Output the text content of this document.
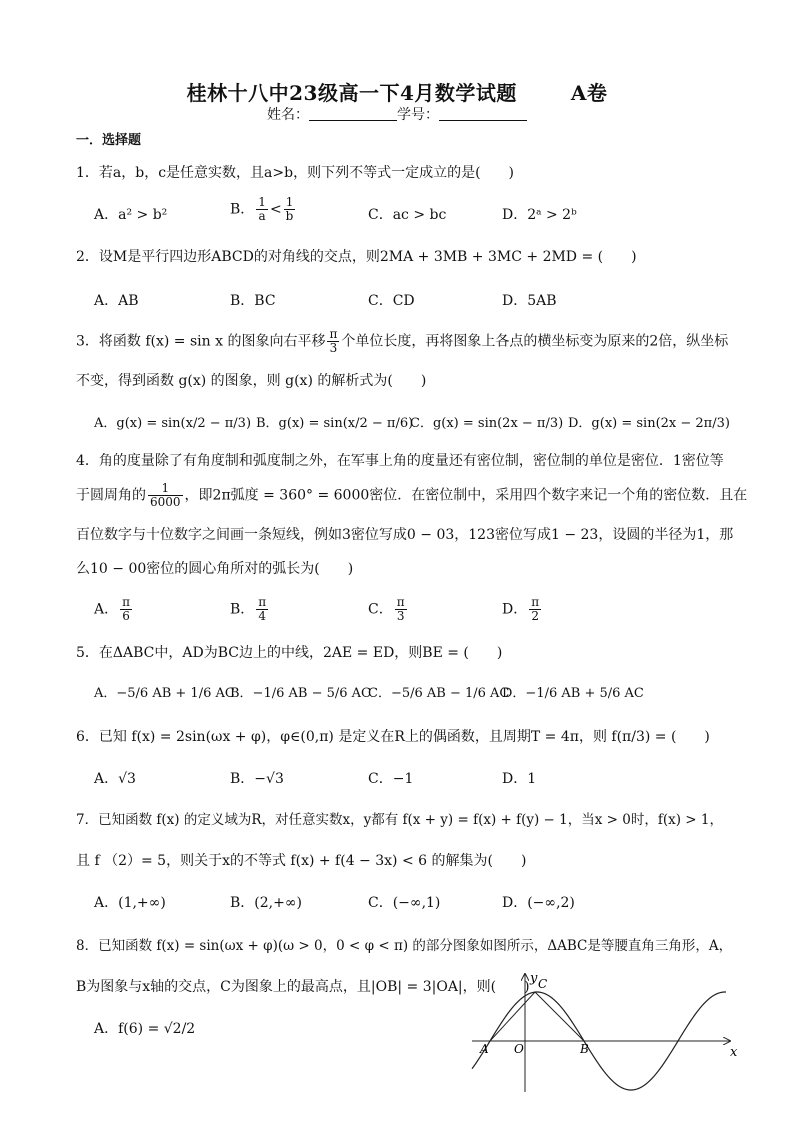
桂林十八中23级高一下4月数学试题	A卷
姓名：	学号：
一．选择题
1．若a，b，c是任意实数，且a>b，则下列不等式一定成立的是(　　)
A．a² > b²	B． $\frac{1}{a} < \frac{1}{b}$	C．ac > bc	D．2ᵃ > 2ᵇ
2．设M是平行四边形ABCD的对角线的交点，则2MA + 3MB + 3MC + 2MD = (　　)
A．AB	B．BC	C．CD	D．5AB
3．将函数 f(x) = sin x 的图象向右平移 $\frac{\pi}{3}$ 个单位长度，再将图象上各点的横坐标变为原来的2倍，纵坐标
不变，得到函数 g(x) 的图象，则 g(x) 的解析式为(　　)
A．g(x) = sin(x/2 − π/3) B．g(x) = sin(x/2 − π/6)
C．g(x) = sin(2x − π/3) D．g(x) = sin(2x − 2π/3)
4．角的度量除了有角度制和弧度制之外，在军事上角的度量还有密位制，密位制的单位是密位．1密位等
于圆周角的 $\frac{1}{6000}$ ，即2π弧度 = 360° = 6000密位．在密位制中，采用四个数字来记一个角的密位数．且在
百位数字与十位数字之间画一条短线，例如3密位写成0 − 03，123密位写成1 − 23，设圆的半径为1，那
么10 − 00密位的圆心角所对的弧长为(　　)
A． $\frac{\pi}{6}$	B． $\frac{\pi}{4}$	C． $\frac{\pi}{3}$	D． $\frac{\pi}{2}$
5．在ΔABC中，AD为BC边上的中线，2AE = ED，则BE = (　　)
A．−5/6 AB + 1/6 AC
B．−1/6 AB − 5/6 AC
C．−5/6 AB − 1/6 AC
D．−1/6 AB + 5/6 AC
6．已知 f(x) = 2sin(ωx + φ)，φ∈(0,π) 是定义在R上的偶函数，且周期T = 4π，则 f(π/3) = (　　)
A．√3	B．−√3	C．−1	D．1
7．已知函数 f(x) 的定义域为R，对任意实数x，y都有 f(x + y) = f(x) + f(y) − 1，当x > 0时，f(x) > 1，
且 f （2）= 5，则关于x的不等式 f(x) + f(4 − 3x) < 6 的解集为(　　)
A．(1,+∞)	B．(2,+∞)	C．(−∞,1)	D．(−∞,2)
8．已知函数 f(x) = sin(ωx + φ)(ω > 0，0 < φ < π) 的部分图象如图所示，ΔABC是等腰直角三角形，A，
B为图象与x轴的交点，C为图象上的最高点，且|OB| = 3|OA|，则(　　)
A．f(6) = √2/2
x
y
O
A	B
C
